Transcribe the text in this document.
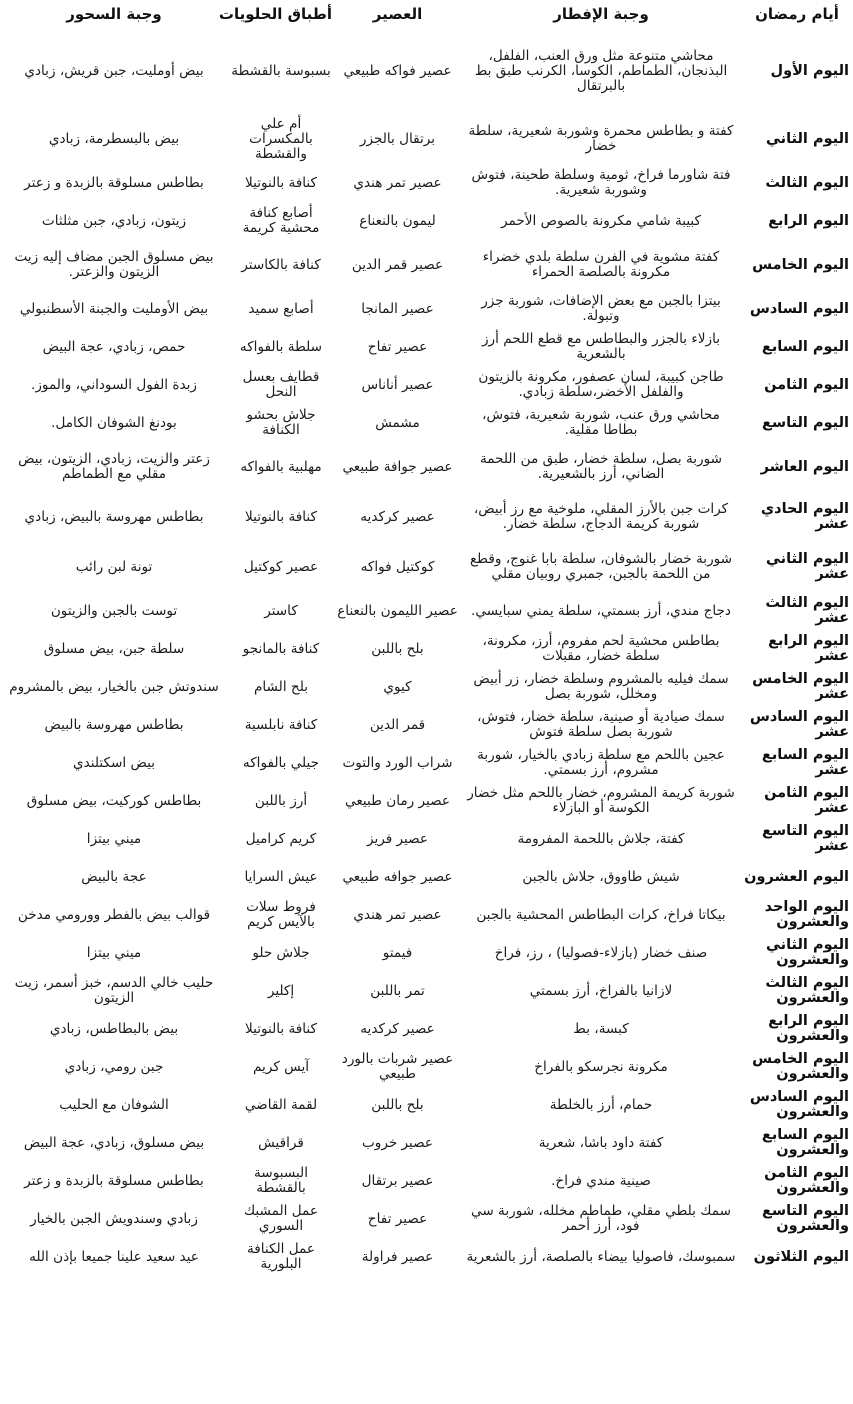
أيام رمضان	وجبة الإفطار	العصير	أطباق الحلويات	وجبة السحور
اليوم الأول	محاشي متنوعة مثل ورق العنب، الفلفل، البذنجان، الطماطم، الكوسا، الكرنب طبق بط بالبرتقال	عصير فواكه طبيعي	بسبوسة بالقشطة	بيض أومليت، جبن قريش، زبادي
اليوم الثاني	كفتة و بطاطس محمرة وشوربة شعيرية، سلطة خضار	برتقال بالجزر	أم علي بالمكسرات والقشطة	بيض بالبسطرمة، زبادي
اليوم الثالث	فتة شاورما فراخ، ثومية وسلطة طحينة، فتوش وشوربة شعيرية.	عصير تمر هندي	كنافة بالنوتيلا	بطاطس مسلوقة بالزبدة و زعتر
اليوم الرابع	كبيبة شامي مكرونة بالصوص الأحمر	ليمون بالنعناع	أصابع كنافة محشية كريمة	زيتون، زبادي، جبن مثلثات
اليوم الخامس	كفتة مشوية في الفرن سلطة بلدي خضراء مكرونة بالصلصة الحمراء	عصير قمر الدين	كنافة بالكاستر	بيض مسلوق الجبن مضاف إليه زيت الزيتون والزعتر.
اليوم السادس	بيتزا بالجبن مع بعض الإضافات، شوربة جزر وتبولة.	عصير المانجا	أصابع سميد	بيض الأومليت والجبنة الأسطنبولي
اليوم السابع	بازلاء بالجزر والبطاطس مع قطع اللحم أرز بالشعرية	عصير تفاح	سلطة بالفواكه	حمص، زبادي، عجة البيض
اليوم الثامن	طاجن كبيبة، لسان عصفور، مكرونة بالزيتون والفلفل الأخضر،سلطة زبادي.	عصير أناناس	قطايف بعسل النحل	زبدة الفول السوداني، والموز.
اليوم التاسع	محاشي ورق عنب، شوربة شعيرية، فتوش، بطاطا مقلية.	مشمش	جلاش بحشو الكنافة	بودنغ الشوفان الكامل.
اليوم العاشر	شوربة بصل، سلطة خضار، طبق من اللحمة الضاني، أرز بالشعيرية.	عصير جوافة طبيعي	مهلبية بالفواكه	زعتر والزيت، زبادي، الزيتون، بيض مقلي مع الطماطم
اليوم الحادي عشر	كرات جبن بالأرز المقلي، ملوخية مع رز أبيض، شوربة كريمة الدجاج، سلطة خضار.	عصير كركديه	كنافة بالنوتيلا	بطاطس مهروسة بالبيض، زبادي
اليوم الثاني عشر	شوربة خضار بالشوفان، سلطة بابا غنوج، وقطع من اللحمة بالجبن، جمبري روبيان مقلي	كوكتيل فواكه	عصير كوكتيل	تونة لبن رائب
اليوم الثالث عشر	دجاج مندي، أرز بسمتي، سلطة يمني سبايسي.	عصير الليمون بالنعناع	كاستر	توست بالجبن والزيتون
اليوم الرابع عشر	بطاطس محشية لحم مفروم، أرز، مكرونة، سلطة خضار، مقبلات	بلح باللبن	كنافة بالمانجو	سلطة جبن، بيض مسلوق
اليوم الخامس عشر	سمك فيليه بالمشروم وسلطة خضار، زر أبيض ومخلل، شوربة بصل	كيوي	بلح الشام	سندوتش جبن بالخيار، بيض بالمشروم
اليوم السادس عشر	سمك صيادية أو صينية، سلطة خضار، فتوش، شوربة بصل سلطة فتوش	قمر الدين	كنافة نابلسية	بطاطس مهروسة بالبيض
اليوم السابع عشر	عجين باللحم مع سلطة زبادي بالخيار، شوربة مشروم، أرز بسمتي.	شراب الورد والتوت	جيلي بالفواكه	بيض اسكتلندي
اليوم الثامن عشر	شوربة كريمة المشروم، خضار باللحم مثل خضار الكوسة أو البازلاء	عصير رمان طبيعي	أرز باللبن	بطاطس كوركيت، بيض مسلوق
اليوم التاسع عشر	كفتة، جلاش باللحمة المفرومة	عصير فريز	كريم كراميل	ميني بيتزا
اليوم العشرون	شيش طاووق، جلاش بالجبن	عصير جوافه طبيعي	عيش السرايا	عجة بالبيض
اليوم الواحد والعشرون	بيكاتا فراخ، كرات البطاطس المحشية بالجبن	عصير تمر هندي	فروط سلات بالآيس كريم	قوالب بيض بالفطر وورومي مدخن
اليوم الثاني والعشرون	صنف خضار (بازلاء-فصوليا) ، رز، فراخ	فيمتو	جلاش حلو	ميني بيتزا
اليوم الثالث والعشرون	لازانيا بالفراخ، أرز بسمتي	تمر باللبن	إكلير	حليب خالي الدسم، خبز أسمر، زيت الزيتون
اليوم الرابع والعشرون	كبسة، بط	عصير كركديه	كنافة بالنوتيلا	بيض بالبطاطس، زبادي
اليوم الخامس والعشرون	مكرونة نجرسكو بالفراخ	عصير شربات بالورد طبيعي	آيس كريم	جبن رومي، زبادي
اليوم السادس والعشرون	حمام، أرز بالخلطة	بلح باللبن	لقمة القاضي	الشوفان مع الحليب
اليوم السابع والعشرون	كفتة داود باشا، شعرية	عصير خروب	قراقيش	بيض مسلوق، زبادي، عجة البيض
اليوم الثامن والعشرون	صينية مندي فراخ.	عصير برتقال	البسبوسة بالقشطة	بطاطس مسلوقة بالزبدة و زعتر
اليوم التاسع والعشرون	سمك بلطي مقلي، طماطم مخلله، شوربة سي فود، أرز أحمر	عصير تفاح	عمل المشبك السوري	زبادي وسندويش الجبن بالخيار
اليوم الثلاثون	سمبوسك، فاصوليا بيضاء بالصلصة، أرز بالشعرية	عصير فراولة	عمل الكنافة البلورية	عيد سعيد علينا جميعا بإذن الله
